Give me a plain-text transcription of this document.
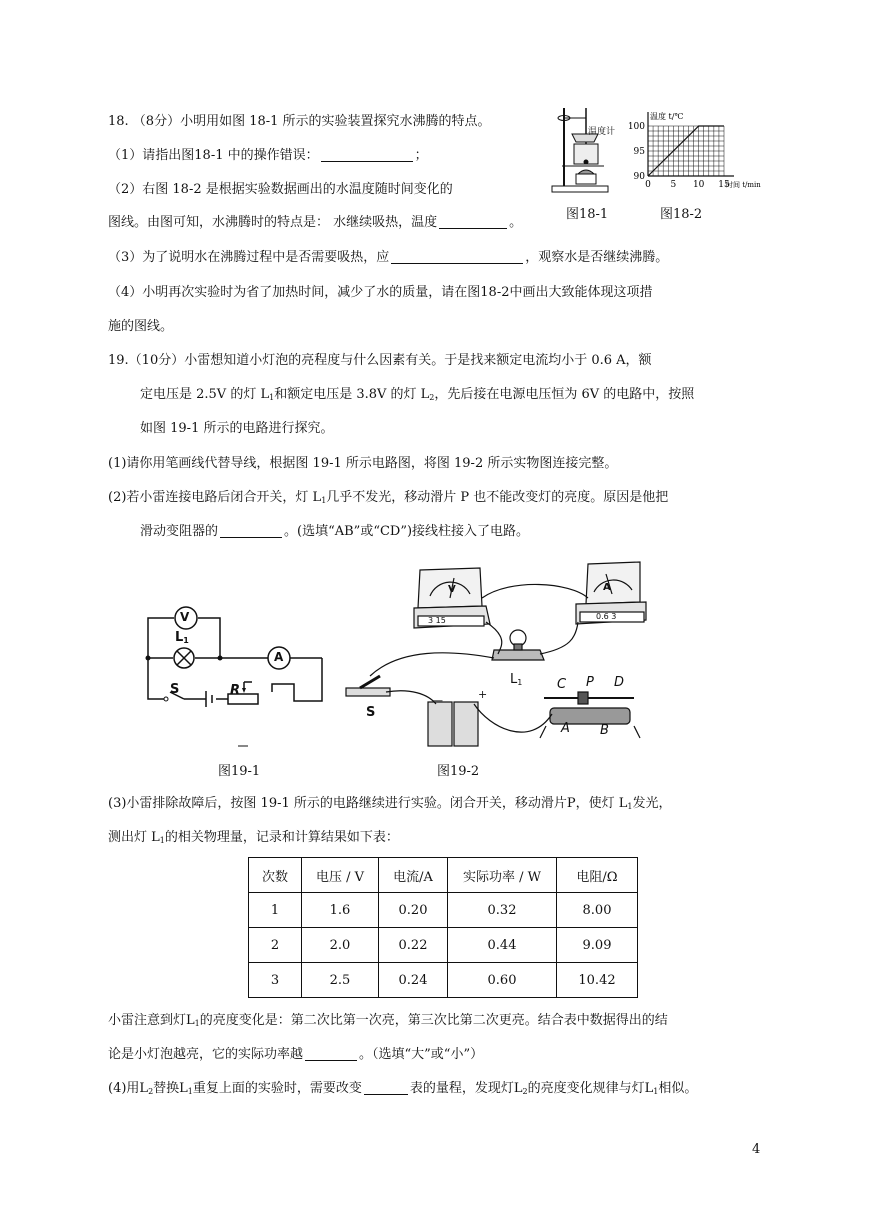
18. （8分）小明用如图 18-1 所示的实验装置探究水沸腾的特点。
（1）请指出图18-1 中的操作错误：	；
（2）右图 18-2 是根据实验数据画出的水温度随时间变化的
图线。由图可知，水沸腾时的特点是： 水继续吸热，温度	。
（3）为了说明水在沸腾过程中是否需要吸热，应	，观察水是否继续沸腾。
（4）小明再次实验时为省了加热时间，减少了水的质量，请在图18-2中画出大致能体现这项措
施的图线。
温度计 100
95
90
0 5 10 15
温度 t/℃
时间 t/min
图18-1	图18-2
19.（10分）小雷想知道小灯泡的亮程度与什么因素有关。于是找来额定电流均小于 0.6 A，额
定电压是 2.5V 的灯 $L_1$和额定电压是 3.8V 的灯 $L_2$，先后接在电源电压恒为 6V 的电路中，按照
如图 19-1 所示的电路进行探究。
(1)请你用笔画线代替导线，根据图 19-1 所示电路图，将图 19-2 所示实物图连接完整。
(2)若小雷连接电路后闭合开关，灯 $L_1$几乎不发光，移动滑片 P 也不能改变灯的亮度。原因是他把
滑动变阻器的	。(选填“AB”或“CD”)接线柱接入了电路。
V
$L_1$
A
S	R
V
3 15
A
0.6 3
$L_1$
S
+
—
C P D
A B
图19-1	图19-2
(3)小雷排除故障后，按图 19-1 所示的电路继续进行实验。闭合开关，移动滑片P，使灯 $L_1$发光，
测出灯 $L_1$的相关物理量，记录和计算结果如下表：
次数	电压 / V	电流/A	实际功率 / W	电阻/Ω
1	1.6	0.20	0.32	8.00
2	2.0	0.22	0.44	9.09
3	2.5	0.24	0.60	10.42
小雷注意到灯$L_1$的亮度变化是：第二次比第一次亮，第三次比第二次更亮。结合表中数据得出的结
论是小灯泡越亮，它的实际功率越	。（选填“大”或“小”）
(4)用$L_2$替换$L_1$重复上面的实验时，需要改变	表的量程，发现灯$L_2$的亮度变化规律与灯$L_1$相似。
4
